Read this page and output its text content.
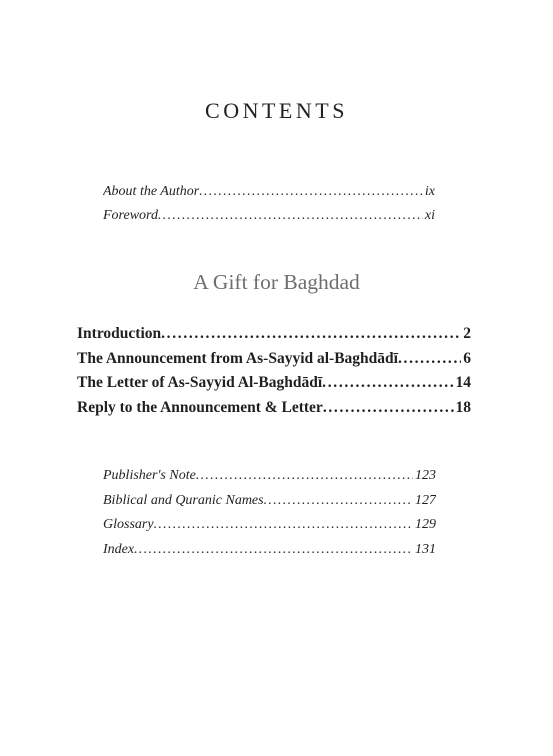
CONTENTS
About the Author . . .	ix
Foreword . . .	xi
A Gift for Baghdad
Introduction . . .	2
The Announcement from As-Sayyid al-Baghdādī . . .	6
The Letter of As-Sayyid Al-Baghdādī . . .	14
Reply to the Announcement & Letter . . .	18
Publisher's Note . . .	123
Biblical and Quranic Names . . .	127
Glossary . . .	129
Index . . .	131
